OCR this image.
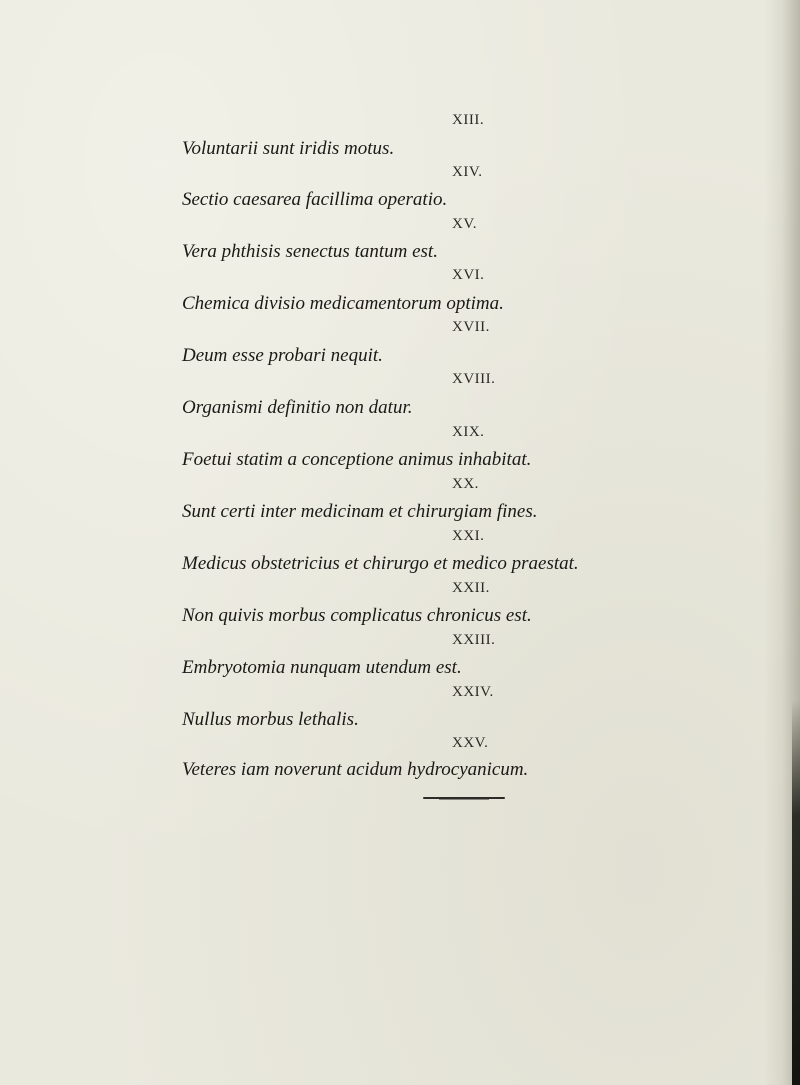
XIII.
Voluntarii sunt iridis motus.
XIV.
Sectio caesarea facillima operatio.
XV.
Vera phthisis senectus tantum est.
XVI.
Chemica divisio medicamentorum optima.
XVII.
Deum esse probari nequit.
XVIII.
Organismi definitio non datur.
XIX.
Foetui statim a conceptione animus inhabitat.
XX.
Sunt certi inter medicinam et chirurgiam fines.
XXI.
Medicus obstetricius et chirurgo et medico praestat.
XXII.
Non quivis morbus complicatus chronicus est.
XXIII.
Embryotomia nunquam utendum est.
XXIV.
Nullus morbus lethalis.
XXV.
Veteres iam noverunt acidum hydrocyanicum.
